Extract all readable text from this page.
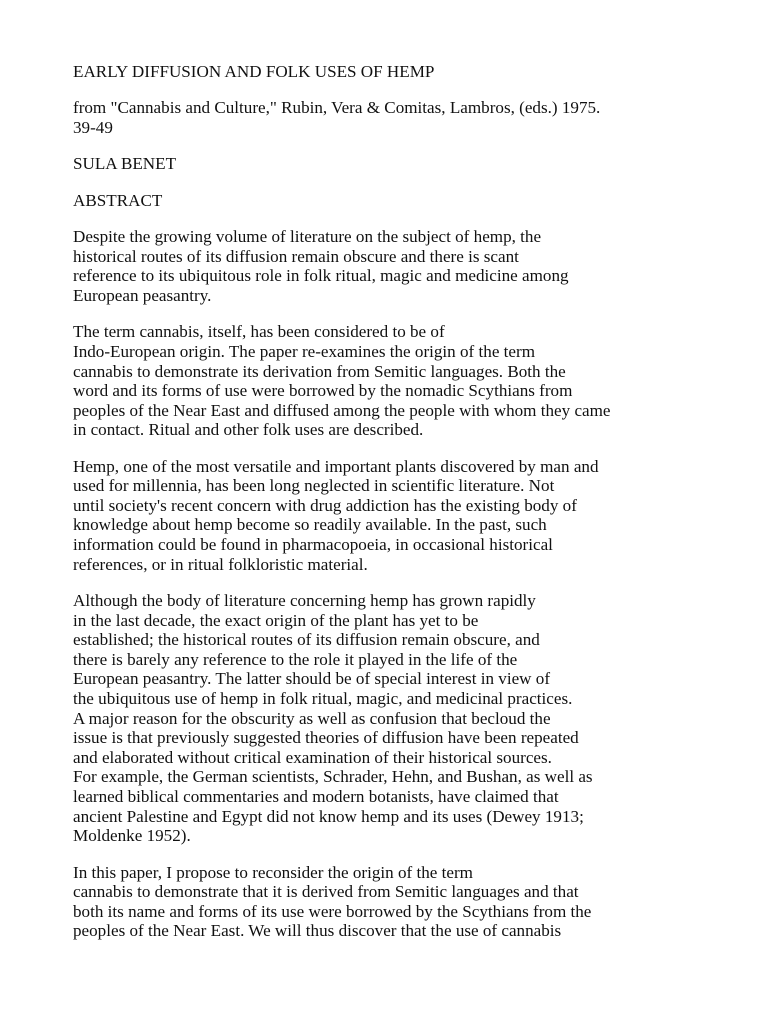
EARLY DIFFUSION AND FOLK USES OF HEMP
from "Cannabis and Culture," Rubin, Vera & Comitas, Lambros, (eds.) 1975.
39-49
SULA BENET
ABSTRACT
Despite the growing volume of literature on the subject of hemp, the
historical routes of its diffusion remain obscure and there is scant
reference to its ubiquitous role in folk ritual, magic and medicine among
European peasantry.
The term cannabis, itself, has been considered to be of
Indo-European origin. The paper re-examines the origin of the term
cannabis to demonstrate its derivation from Semitic languages. Both the
word and its forms of use were borrowed by the nomadic Scythians from
peoples of the Near East and diffused among the people with whom they came
in contact. Ritual and other folk uses are described.
Hemp, one of the most versatile and important plants discovered by man and
used for millennia, has been long neglected in scientific literature. Not
until society's recent concern with drug addiction has the existing body of
knowledge about hemp become so readily available. In the past, such
information could be found in pharmacopoeia, in occasional historical
references, or in ritual folkloristic material.
Although the body of literature concerning hemp has grown rapidly
in the last decade, the exact origin of the plant has yet to be
established; the historical routes of its diffusion remain obscure, and
there is barely any reference to the role it played in the life of the
European peasantry. The latter should be of special interest in view of
the ubiquitous use of hemp in folk ritual, magic, and medicinal practices.
A major reason for the obscurity as well as confusion that becloud the
issue is that previously suggested theories of diffusion have been repeated
and elaborated without critical examination of their historical sources.
For example, the German scientists, Schrader, Hehn, and Bushan, as well as
learned biblical commentaries and modern botanists, have claimed that
ancient Palestine and Egypt did not know hemp and its uses (Dewey 1913;
Moldenke 1952).
In this paper, I propose to reconsider the origin of the term
cannabis to demonstrate that it is derived from Semitic languages and that
both its name and forms of its use were borrowed by the Scythians from the
peoples of the Near East. We will thus discover that the use of cannabis
